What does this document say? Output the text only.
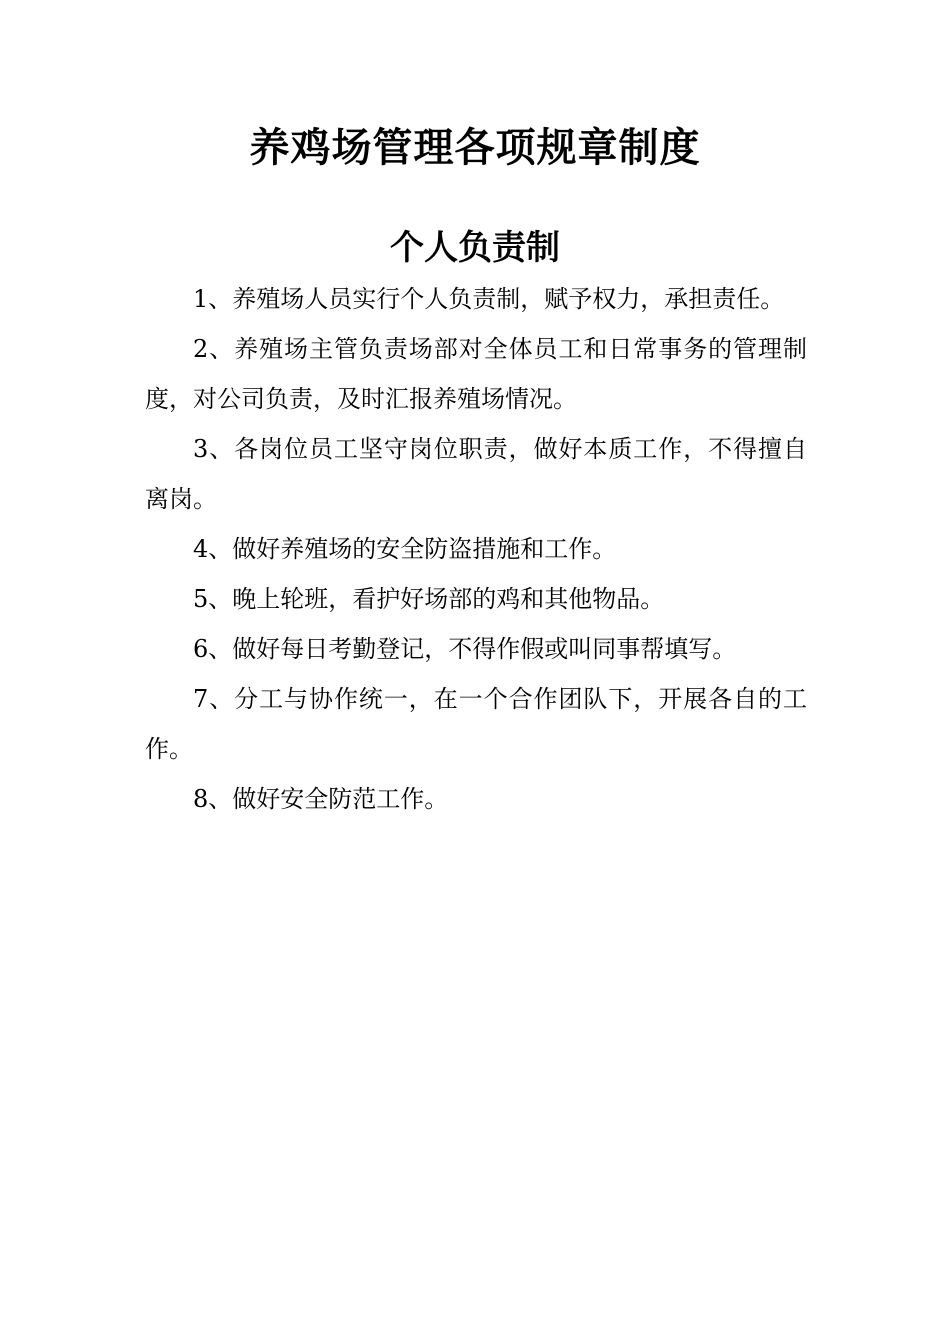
养鸡场管理各项规章制度
个人负责制

1、养殖场人员实行个人负责制，赋予权力，承担责任。

2、养殖场主管负责场部对全体员工和日常事务的管理制度，对公司负责，及时汇报养殖场情况。

3、各岗位员工坚守岗位职责，做好本质工作，不得擅自离岗。

4、做好养殖场的安全防盗措施和工作。

5、晚上轮班，看护好场部的鸡和其他物品。

6、做好每日考勤登记，不得作假或叫同事帮填写。

7、分工与协作统一，在一个合作团队下，开展各自的工作。

8、做好安全防范工作。
